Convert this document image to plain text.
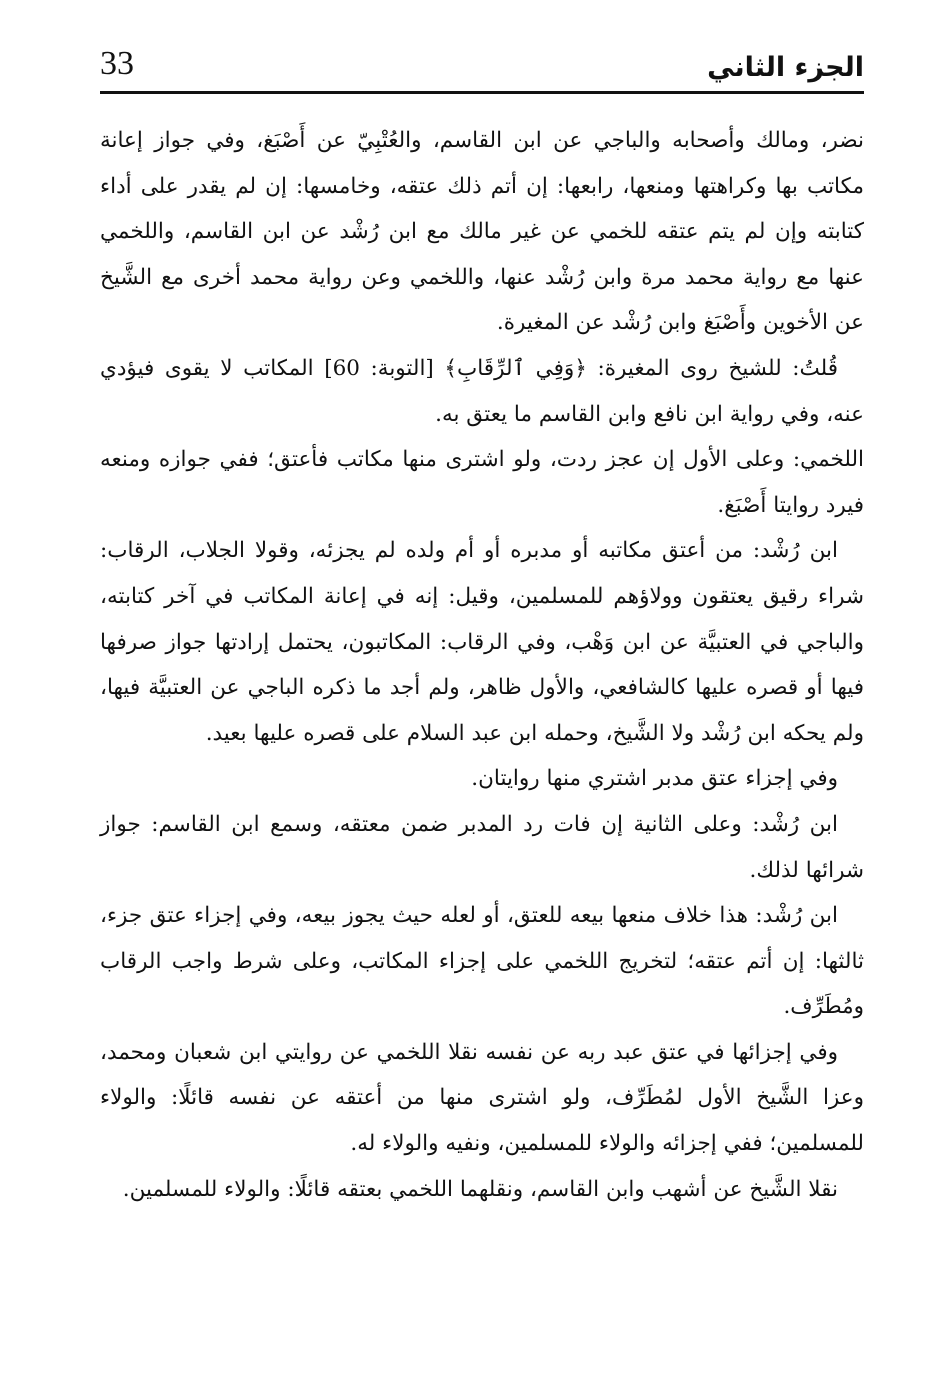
33	الجزء الثاني

نضر، ومالك وأصحابه والباجي عن ابن القاسم، والعُتْبِيّ عن أَصْبَغ، وفي جواز إعانة مكاتب بها وكراهتها ومنعها، رابعها: إن أتم ذلك عتقه، وخامسها: إن لم يقدر على أداء كتابته وإن لم يتم عتقه للخمي عن غير مالك مع ابن رُشْد عن ابن القاسم، واللخمي عنها مع رواية محمد مرة وابن رُشْد عنها، واللخمي وعن رواية محمد أخرى مع الشَّيخ عن الأخوين وأَصْبَغ وابن رُشْد عن المغيرة.

قُلتُ: للشيخ روى المغيرة: ﴿وَفِي ٱلرِّقَابِ﴾ [التوبة: 60] المكاتب لا يقوى فيؤدي عنه، وفي رواية ابن نافع وابن القاسم ما يعتق به.

اللخمي: وعلى الأول إن عجز ردت، ولو اشترى منها مكاتب فأعتق؛ ففي جوازه ومنعه فيرد روايتا أَصْبَغ.

ابن رُشْد: من أعتق مكاتبه أو مدبره أو أم ولده لم يجزئه، وقولا الجلاب، الرقاب: شراء رقيق يعتقون وولاؤهم للمسلمين، وقيل: إنه في إعانة المكاتب في آخر كتابته، والباجي في العتبيَّة عن ابن وَهْب، وفي الرقاب: المكاتبون، يحتمل إرادتها جواز صرفها فيها أو قصره عليها كالشافعي، والأول ظاهر، ولم أجد ما ذكره الباجي عن العتبيَّة فيها، ولم يحكه ابن رُشْد ولا الشَّيخ، وحمله ابن عبد السلام على قصره عليها بعيد.

وفي إجزاء عتق مدبر اشتري منها روايتان.

ابن رُشْد: وعلى الثانية إن فات رد المدبر ضمن معتقه، وسمع ابن القاسم: جواز شرائها لذلك.

ابن رُشْد: هذا خلاف منعها بيعه للعتق، أو لعله حيث يجوز بيعه، وفي إجزاء عتق جزء، ثالثها: إن أتم عتقه؛ لتخريج اللخمي على إجزاء المكاتب، وعلى شرط واجب الرقاب ومُطَرِّف.

وفي إجزائها في عتق عبد ربه عن نفسه نقلا اللخمي عن روايتي ابن شعبان ومحمد، وعزا الشَّيخ الأول لمُطَرِّف، ولو اشترى منها من أعتقه عن نفسه قائلًا: والولاء للمسلمين؛ ففي إجزائه والولاء للمسلمين، ونفيه والولاء له.

نقلا الشَّيخ عن أشهب وابن القاسم، ونقلهما اللخمي بعتقه قائلًا: والولاء للمسلمين.
